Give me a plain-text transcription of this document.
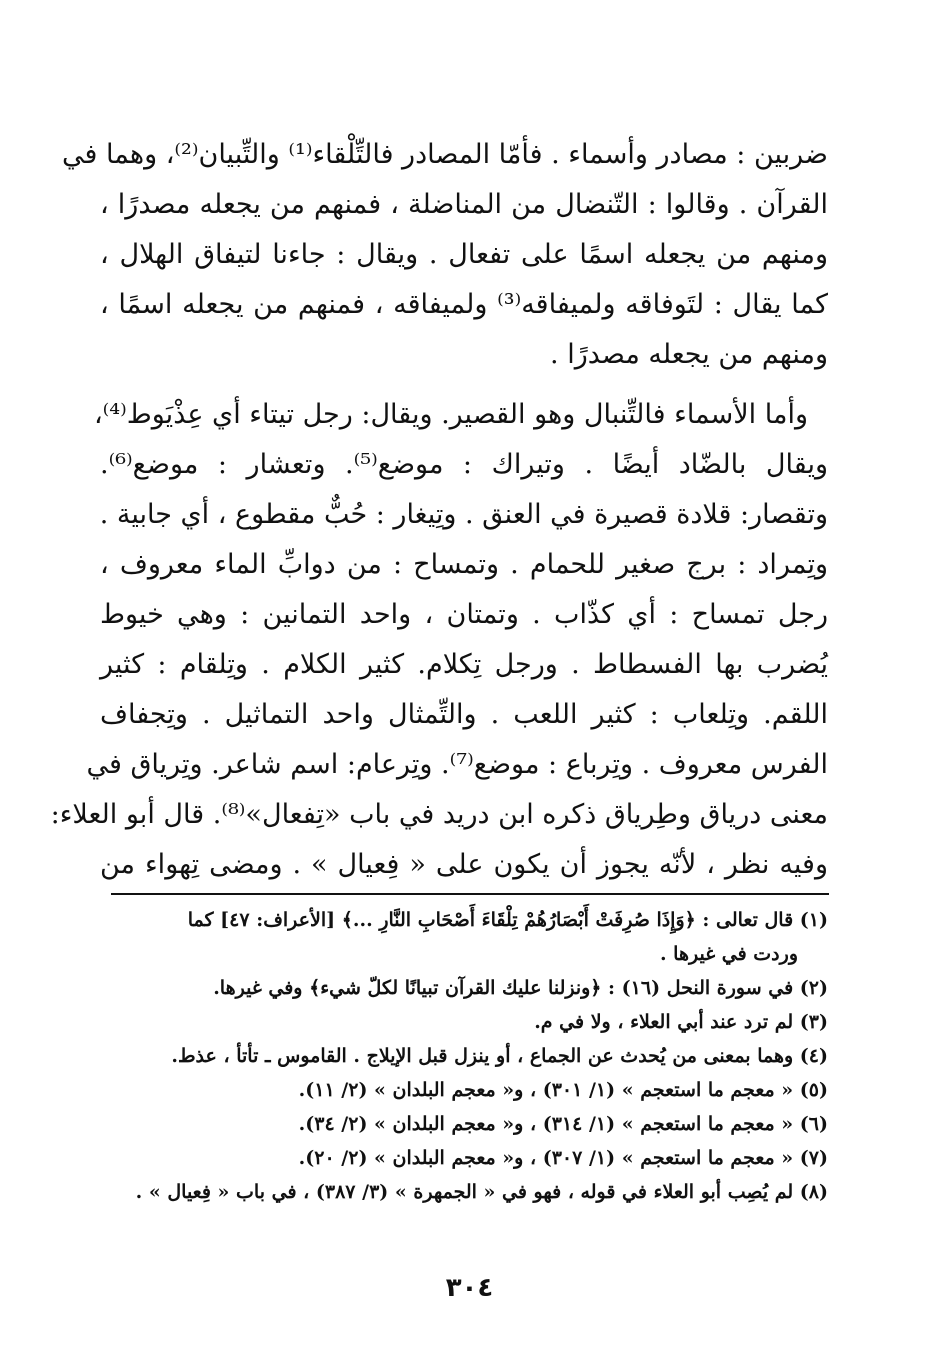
ضربين : مصادر وأسماء . فأمّا المصادر فالتِّلْقاء⁽¹⁾ والتِّبيان⁽²⁾، وهما في
القرآن . وقالوا : التّنضال من المناضلة ، فمنهم من يجعله مصدرًا ،
ومنهم من يجعله اسمًا على تفعال . ويقال : جاءنا لتيفاق الهلال ،
كما يقال : لتَوفاقه ولميفاقه⁽³⁾ ولميفاقه ، فمنهم من يجعله اسمًا ،
ومنهم من يجعله مصدرًا .
وأما الأسماء فالتِّنبال وهو القصير. ويقال: رجل تيتاء أي عِذْيَوط⁽⁴⁾،
ويقال بالضّاد أيضًا . وتيراك : موضع⁽⁵⁾. وتعشار : موضع⁽⁶⁾.
وتقصار: قلادة قصيرة في العنق . وتِيغار : حُبٌّ مقطوع ، أي جابية .
وتِمراد : برج صغير للحمام . وتمساح : من دوابِّ الماء معروف ،
رجل تمساح : أي كذّاب . وتمتان ، واحد التمانين : وهي خيوط
يُضرب بها الفسطاط . ورجل تِكلام. كثير الكلام . وتِلقام : كثير
اللقم. وتِلعاب : كثير اللعب . والتِّمثال واحد التماثيل . وتِجفاف
الفرس معروف . وتِرباع : موضع⁽⁷⁾. وتِرعام: اسم شاعر. وتِرياق في
معنى درياق وطِرياق ذكره ابن دريد في باب «تِفعال»⁽⁸⁾. قال أبو العلاء:
وفيه نظر ، لأنّه يجوز أن يكون على « فِعيال » . ومضى تِهواء من
(١) قال تعالى : ﴿وَإِذَا صُرِفَتْ أَبْصَارُهُمْ تِلْقَاءَ أَصْحَابِ النَّارِ ...﴾ [الأعراف: ٤٧] كما
وردت في غيرها .
(٢) في سورة النحل (١٦) : ﴿ونزلنا عليك القرآن تبيانًا لكلّ شيء﴾ وفي غيرها.
(٣) لم ترد عند أبي العلاء ، ولا في م.
(٤) وهما بمعنى من يُحدث عن الجماع ، أو ينزل قبل الإيلاج . القاموس ـ تأتأ ، عذط.
(٥) « معجم ما استعجم » (١/ ٣٠١) ، و« معجم البلدان » (٢/ ١١).
(٦) « معجم ما استعجم » (١/ ٣١٤) ، و« معجم البلدان » (٢/ ٣٤).
(٧) « معجم ما استعجم » (١/ ٣٠٧) ، و« معجم البلدان » (٢/ ٢٠).
(٨) لم يُصِب أبو العلاء في قوله ، فهو في « الجمهرة » (٣/ ٣٨٧) ، في باب « فِعيال » .
٣٠٤
